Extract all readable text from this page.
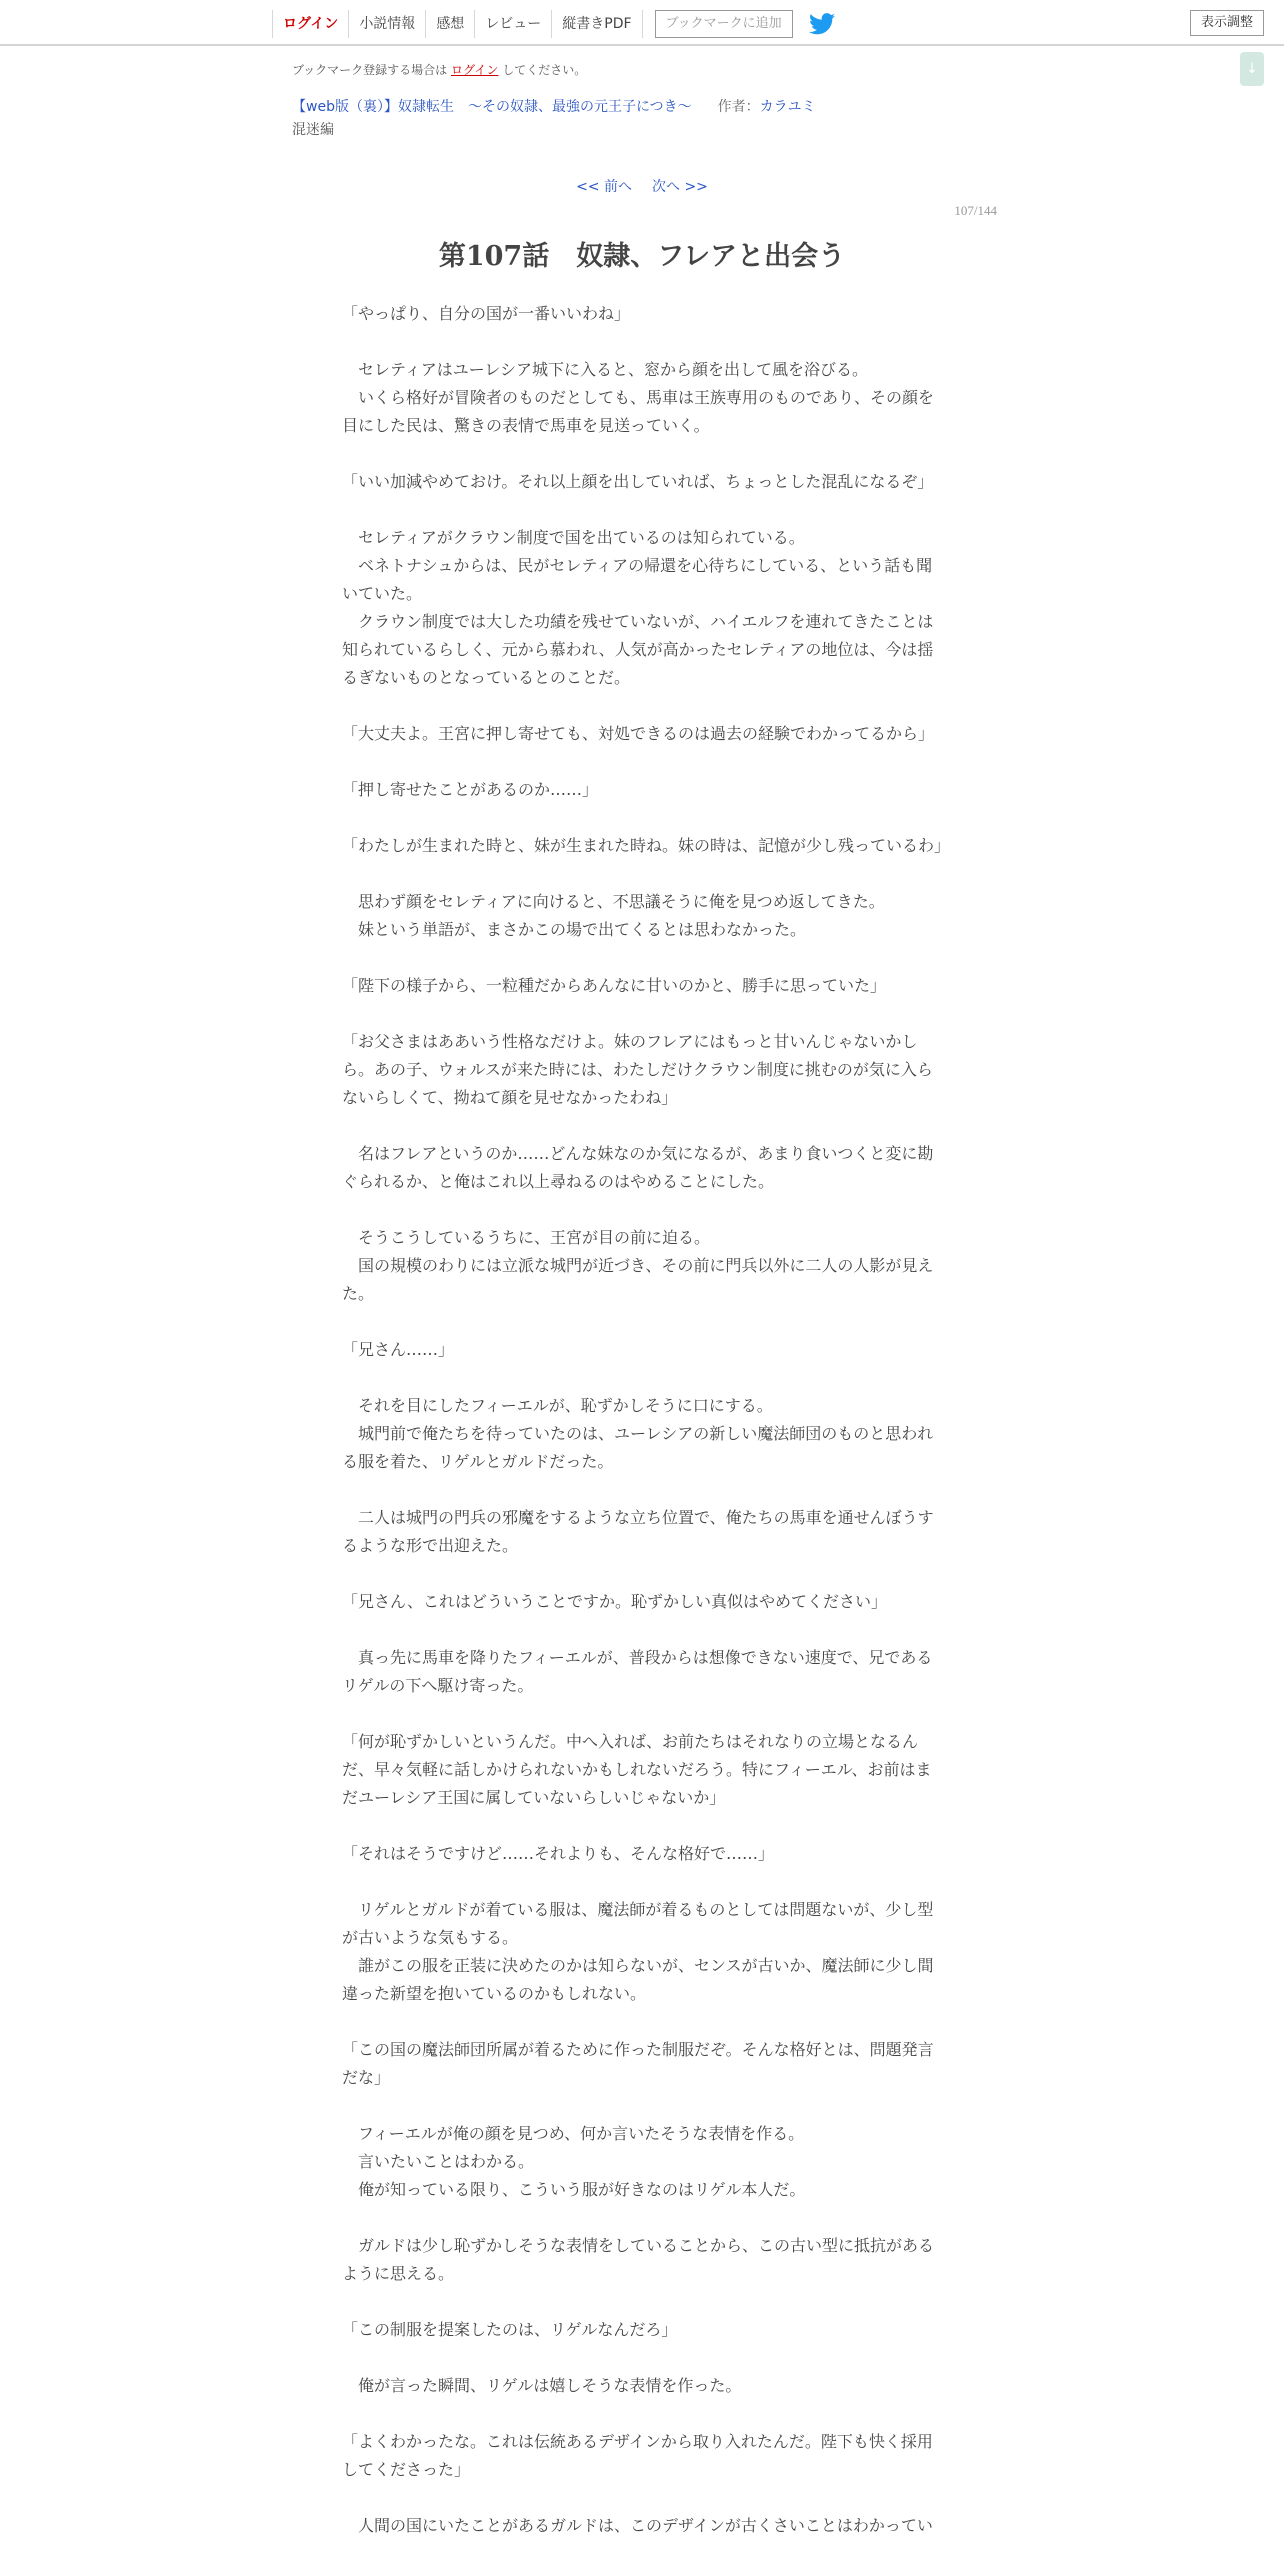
ログイン	小説情報	感想	レビュー	縦書きPDF	ブックマークに追加	表示調整
↓
ブックマーク登録する場合は ログイン してください。
【web版（裏）】奴隷転生　～その奴隷、最強の元王子につき～ 作者：カラユミ
混迷編
<< 前へ 次へ >>
107/144
第107話　奴隷、フレアと出会う

「やっぱり、自分の国が一番いいわね」

　セレティアはユーレシア城下に入ると、窓から顔を出して風を浴びる。

　いくら格好が冒険者のものだとしても、馬車は王族専用のものであり、その顔を目にした民は、驚きの表情で馬車を見送っていく。

「いい加減やめておけ。それ以上顔を出していれば、ちょっとした混乱になるぞ」

　セレティアがクラウン制度で国を出ているのは知られている。

　ベネトナシュからは、民がセレティアの帰還を心待ちにしている、という話も聞いていた。

　クラウン制度では大した功績を残せていないが、ハイエルフを連れてきたことは知られているらしく、元から慕われ、人気が高かったセレティアの地位は、今は揺るぎないものとなっているとのことだ。

「大丈夫よ。王宮に押し寄せても、対処できるのは過去の経験でわかってるから」

「押し寄せたことがあるのか……」

「わたしが生まれた時と、妹が生まれた時ね。妹の時は、記憶が少し残っているわ」

　思わず顔をセレティアに向けると、不思議そうに俺を見つめ返してきた。

　妹という単語が、まさかこの場で出てくるとは思わなかった。

「陛下の様子から、一粒種だからあんなに甘いのかと、勝手に思っていた」

「お父さまはああいう性格なだけよ。妹のフレアにはもっと甘いんじゃないかしら。あの子、ウォルスが来た時には、わたしだけクラウン制度に挑むのが気に入らないらしくて、拗ねて顔を見せなかったわね」

　名はフレアというのか……どんな妹なのか気になるが、あまり食いつくと変に勘ぐられるか、と俺はこれ以上尋ねるのはやめることにした。

　そうこうしているうちに、王宮が目の前に迫る。

　国の規模のわりには立派な城門が近づき、その前に門兵以外に二人の人影が見えた。

「兄さん……」

　それを目にしたフィーエルが、恥ずかしそうに口にする。

　城門前で俺たちを待っていたのは、ユーレシアの新しい魔法師団のものと思われる服を着た、リゲルとガルドだった。

　二人は城門の門兵の邪魔をするような立ち位置で、俺たちの馬車を通せんぼうするような形で出迎えた。

「兄さん、これはどういうことですか。恥ずかしい真似はやめてください」

　真っ先に馬車を降りたフィーエルが、普段からは想像できない速度で、兄であるリゲルの下へ駆け寄った。

「何が恥ずかしいというんだ。中へ入れば、お前たちはそれなりの立場となるんだ、早々気軽に話しかけられないかもしれないだろう。特にフィーエル、お前はまだユーレシア王国に属していないらしいじゃないか」

「それはそうですけど……それよりも、そんな格好で……」

　リゲルとガルドが着ている服は、魔法師が着るものとしては問題ないが、少し型が古いような気もする。

　誰がこの服を正装に決めたのかは知らないが、センスが古いか、魔法師に少し間違った新望を抱いているのかもしれない。

「この国の魔法師団所属が着るために作った制服だぞ。そんな格好とは、問題発言だな」

　フィーエルが俺の顔を見つめ、何か言いたそうな表情を作る。

　言いたいことはわかる。

　俺が知っている限り、こういう服が好きなのはリゲル本人だ。

　ガルドは少し恥ずかしそうな表情をしていることから、この古い型に抵抗があるように思える。

「この制服を提案したのは、リゲルなんだろ」

　俺が言った瞬間、リゲルは嬉しそうな表情を作った。

「よくわかったな。これは伝統あるデザインから取り入れたんだ。陛下も快く採用してくださった」

　人間の国にいたことがあるガルドは、このデザインが古くさいことはわかってい
